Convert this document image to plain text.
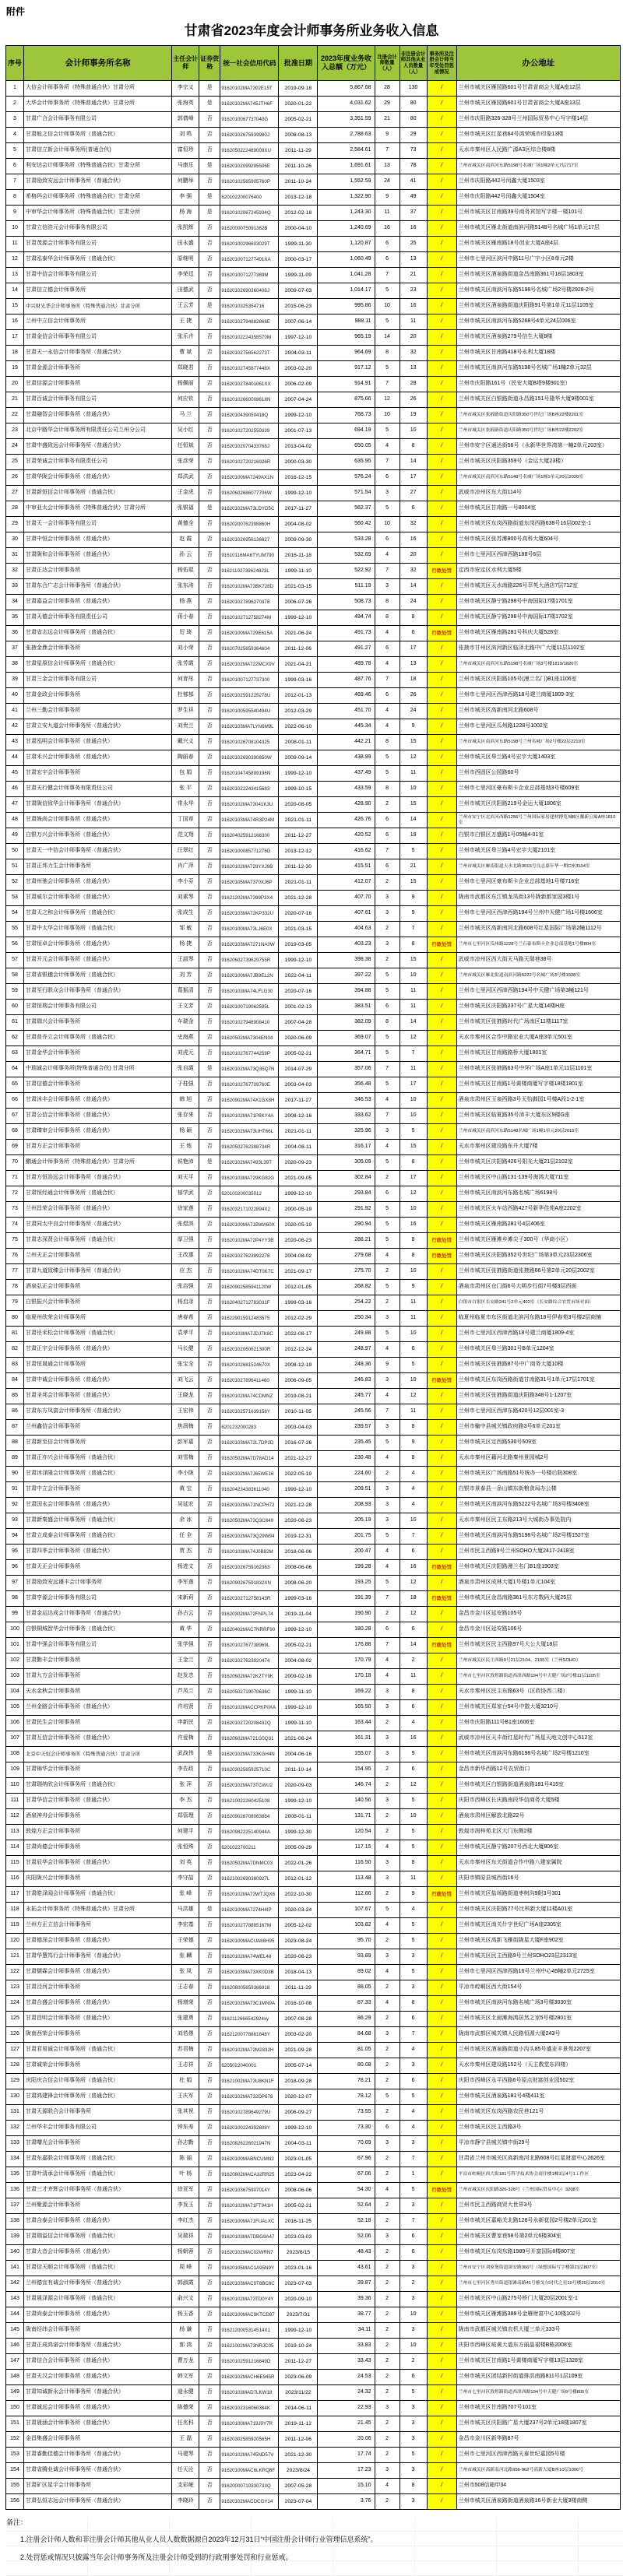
附件
甘肃省2023年度会计师事务所业务收入信息
序号	会计师事务所名称	主任会计师	证券资格	统一社会信用代码	批准日期	2023年度业务收入总额（万元）	注册会计师数量（人）	非注册会计师其他从业人员数量（人）	事务所及注册会计师当年受处罚惩戒情况	办公地址
1	大信会计师事务所（特殊普通合伙）甘肃分所	李宗义	是	91620102MA7302E15T	2019-09-18	5,867.68	28	130	/	兰州市城关区雁园路601号甘肃省商会大厦A座12层
2	大华会计师事务所（特殊普通合伙）甘肃分所	张海英	是	91620102MA745JTH6F	2020-01-22	4,031.62	29	80	/	兰州市城关区雁园路601号甘肃省商会大厦A座13层
3	甘肃广合会计师事务有限公司	郭倩峰	否	9162010067737040G	2005-02-21	3,351.59	21	80	/	兰州市庆阳路326-328号兰州国际贸易中心写字楼14层
4	甘肃能之信会计师事务所（普通合伙）	刘 鸣	否	91620102675939980J	2008-08-13	2,788.63	9	29	/	兰州市城关区红星巷64号鸿荣城市印象13楼
5	甘肃信立新会计师事务所(普通合伙)	富恒珍	否	9162050222489009XU	2011-11-29	2,584.61	7	73	/	天水市秦州区人民路广源A3区综合楼8楼
6	利安达会计师事务所（特殊普通合伙）甘肃分所	马康乐	是	91620102099295506E	2011-10-26	1,691.61	13	78	/	兰州市城关区南滨河东路5198号名城广场1幢2单元7层717室
7	甘肃励致安远会计师事务所（普通合伙）	何鹏举	否	91620102585905760P	2011-10-24	1,552.59	24	41	/	兰州市庆阳路442号闵鑫大厦1503室
8	希格玛会计师事务所（特殊普通合伙）甘肃分所	李 强	是	620102200076400	2013-12-18	1,322.90	9	49	/	兰州市庆阳路442号闵鑫大厦1504室
9	中审华会计师事务所（特殊普通合伙）甘肃分所	杨 海	是	91620102067245934Q	2012-02-18	1,243.30	11	37	/	兰州市城关区甘南路39号商务宾馆写字楼一楼101号
10	甘肃立信浩元会计师事务有限公司	张凯辉	否	9162000075091362B	2000-04-10	1,240.69	16	16	/	兰州市城关区雁北街道南滨河路5148号名城广场1单元17层
11	甘肃茂源会计师事务有限公司	田永盛	否	91620100296603029T	1999-11-30	1,120.87	6	25	/	兰州市城关区雁南路18号创业大厦A座4层
12	甘肃泓泰华会计师事务所（普通合伙）	原继明	否	9162010071277491XA	2000-03-17	1,060.49	6	13	/	兰州市七里河区滨河中路11号广宇小区8单元2楼
13	甘肃中信会计师事务有限公司	李荣廷	否	9162010071277389M	1999-11-09	1,041.28	7	21	/	兰州市城关区酒泉路街道金昌南路361号18层1803室
14	甘肃信立德会计师事务所	田德武	否	91620102690360408J	2009-07-03	1,014.17	5	23	/	兰州市城关区南滨河东路5198号名城广场2号楼2928-2号
15	中兴财光华会计师事务所（特殊普通合伙）甘肃分所	王云芳	是	9162010325354716	2015-06-23	995.86	10	16	/	兰州市城关区酒泉路街道庆阳路91号第1单元11层1105室
16	兰州中立信会计师事务所	王 捷	否	91620102794882868E	2007-06-14	988.11	5	11	/	兰州市城关区南滨河东路5268号4单元24层006室
17	甘肃金信会计师事务有限公司	张乐卉	否	91620102224358570M	1997-12-10	965.19	14	20	/	兰州市城关区酒泉路279号信生大厦8楼
18	甘肃天一永信会计师事务所（普通合伙）	曹 斌	否	91620102756562273T	2004-03-11	964.69	8	32	/	兰州市城关区甘南路418号永利大厦18楼
19	甘肃金源会计师事务所	郑晓君	否	91620102745877448X	2003-02-20	917.12	5	13	/	兰州市城关区南滨河东路5198号名城广场1幢2单元32层
20	甘肃信源会计师事务所	杨佩丽	否	9162010278401061XX	2006-02-09	914.91	7	28	/	兰州市庆阳路161号（民安大厦B塔9楼901室）
21	甘肃百诚会计师事务有限公司	何应钦	否	91620102660008618N	2007-04-24	875.66	12	26	/	兰州市城关区白银路街道永昌路151号隆华大厦9楼001室
22	甘肃融智会计师事务所（普通合伙）	马 兰	否	9162010439050418Q	1999-12-10	768.73	10	19	/	兰州市城关区张掖路街道庆阳路350号世纪广场B座22楼2201室
23	北京中路华会计师事务所有限责任公司兰州分公司	吴小红	否	916201027202559339	2001-07-13	694.19	5	10	/	兰州市城关区张掖路街道庆阳路350号世纪广场B座22楼2202室
24	甘肃中盛致远会计师事务所（普通合伙）	任恒斌	否	91620102070433768J	2013-04-02	650.05	4	8	/	兰州市安宁区通达街56号（永新华世界湾第一幢2单元203室）
25	甘肃荣诚会计师事务有限责任公司	张彦荣	否	91620102720216926R	2000-03-30	635.95	7	14	/	兰州市城关区庆阳路359号（金运大厦23楼）
26	甘肃华陇会计师事务所（普通合伙）	郑洪武	否	91620100MA7249AX1N	2016-12-15	576.24	6	17	/	兰州市城关区南滨河东路5148号名城广场1幢1单元20层2020室
27	甘肃新恒信会计师事务所（普通合伙）	王金虎	否	91620602686077706W	1999-12-10	571.54	3	27	/	武威市凉州区东大街114号
28	中审亚太会计师事务所（特殊普通合伙）甘肃分所	张银福	是	91620102MA73LDYD5C	2017-11-27	562.37	5	6	/	兰州市城关区甘南路一号8004室
29	甘肃天一会计师事务有限公司	黄德全	否	91620200762398860H	2004-08-02	560.42	10	32	/	兰州市城关区东岗西路街道东岗西路638号16层002室-1
30	甘肃中恒会计师事务所（普通合伙）	赵 霞	否	916201026956136627	2009-09-30	533.28	6	16	/	兰州市城关区张苏滩800号高科大厦604号
31	甘肃陇和会计师事务所（普通合伙）	孙 云	否	91610116MA6TYUM790	2016-11-18	532.69	4	20	/	兰州市七里河区西津西路188号6层
32	甘肃正达会计师事务所	杨佑琨	否	91621102739624823L	1999-11-10	522.92	7	32	行政处罚	定西市安定区水利大厦5楼
33	甘肃东合广志会计师事务所（普通合伙）	张东涛	否	91620102MA73BK728D	2021-03-15	511.19	3	14	/	兰州市城关区天水南路226号萃英大酒店7层712室
34	甘肃嘉益会计师事务所（普通合伙）	杨 燕	否	916201027896270378	2006-07-26	508.73	8	24	/	兰州市城关区静宁路298号中海国际17楼1701室
35	甘肃天德会计师事务有限责任公司	蒋小春	否	91620102712758274M	1999-12-10	494.74	8	8	/	兰州市城关区静宁路298号中海国际17楼1702室
36	甘肃省志远会计师事务所（普通合伙）	厉 琦	否	91620100MA729E615A	2021-06-24	491.73	4	6	行政处罚	兰州市城关区雁南路281号科庆大厦528室
37	张掖金鼎会计师事务所	刘小荣	否	916207025859364604	2011-12-06	491.27	6	17	/	张掖市甘州区滨河新区临泽北路中广大厦11层1102室
38	甘肃星原信会计师事务所（普通合伙）	张芳霞	否	91620102MA722MCX9V	2021-04-21	489.78	4	13	/	兰州市城关区南滨河东路5198号名城广场3号楼1819/1820室
39	甘肃三金会计师事务有限公司	何育彤	否	916201007127737300	1999-03-16	487.76	7	18	/	兰州市城关区庆阳路105号(漫兰名门)B1座1106室
40	甘肃金政会计师事务所	杜郁郁	否	91620102591225278U	2012-01-13	469.46	6	26	/	兰州市七里河区西津西路18号建兰商厦1809-3室
41	兰州三勤会计师事务所	罗生祥	否	91620100595540494U	2012-03-29	451.70	4	24	/	兰州市城关区高新南河北路608号
42	甘肃立安九道会计师事务所（普通合伙）	刘贵兰	否	91620103MA7LYN6M9L	2022-06-10	445.34	4	9	/	兰州市七里河区瓜州路1228号1002室
43	甘肃泓明会计师事务所（普通合伙）	戴兴义	否	916201026708104325	2008-01-11	442.21	8	15	/	兰州市城关区南滨河东路5198号兰州名城广场2号楼22层2219室
44	甘肃禾兴会计师事务所（普通合伙）	陶丽春	否	91620102690390850W	2009-09-14	438.99	5	12	/	兰州市城关区皋兰路4号宏宇大厦1403室
45	甘肃宏宇会计师事务所	包 娟	否	91620104745899196N	1999-12-10	437.49	5	11	/	兰州市西固区公园路60号
46	甘肃天行健会计师事务有限责任公司	张 平	否	916201022243415683	1999-10-15	433.59	8	10	/	兰州市七里河区豪布斯卡企业总部基地3号楼609室
47	甘肃陇信致华会计师事务所（普通合伙）	常永华	否	91620102MA73041K3U	2020-08-05	428.90	2	15	/	兰州市城关区庆阳路219号金运大厦1806室
48	甘肃姝尚会计师事务所（普通合伙）	丁国章	否	91620103MA74R3P24M	2021-01-11	426.76	6	14	/	兰州市安宁区北滨河西路1256号兰州国际家居建材博览城B区馨新公寓A座1810室
49	白银万兴会计师事务所（普通合伙）	范文翔	否	916204025912168300	2011-12-27	420.52	6	19	/	白银市白银区万盛路1号05幢4-01室
50	甘肃天一中信会计师事务所（普通合伙）	汪翠红	否	91620100085771276D	2013-12-12	416.62	7	5	/	兰州市城关区皋兰路4号宏宇大厦2101室
51	甘肃正邦力生会计师事务所	肖广萍	否	91620102MA729YXJ9B	2011-12-30	415.51	6	21	/	兰州市城关区雁南街道天水北路3015号良志嘉年华一期C座3104室
52	甘肃州驰会计师事务所（普通合伙）	李小芬	否	91620105MA7370XJ6P	2021-01-11	412.07	2	15	/	兰州市七里河区豪布斯卡企业总部基地1号楼716室
53	甘肃威尔会计师事务所（普通合伙）	刘素琴	否	91621202MA7399P3X4	2021-12-28	407.70	3	9	/	陇南市武都区东江镇龙凤街13号陇新都家园3楼1号
54	甘肃天之和会计师事务所（普通合伙）	张成生	否	91620103MA72KP332U	2020-07-16	407.61	3	9	/	兰州市七里河区西津西路194号兰州中天健广场1号楼1606室
55	甘肃中太华会计师事务所（普通合伙）	邹 敏	否	91620100MA73LJ6E03	2021-03-15	404.63	2	7	/	兰州市城关区高新南河北路608号红星国际广场第2幢1112号
56	甘肃恒卓会计师事务所（普通合伙）	杨 捷	否	91620103MA7271NA0W	2019-03-05	403.23	3	8	行政处罚	兰州市七里河区瓜州路1228号兰石豪布斯卡企业总部基地1号楼804室
57	甘肃开元会计师事务所（普通合伙）	王淑琴	否	91620602739629755R	1999-12-10	398.38	2	15	/	武威市凉州区西大街天马路天瑞巷38号
58	甘肃省银穗会计师事务所（普通合伙）	刘 芳	否	91620100MA7JB9EL2N	2022-04-11	397.22	5	10	/	兰州市城关区雁北街道南滨河路5222号名城广场3号楼1928室
59	甘肃至行联众会计师事务所（普通合伙）	葛振清	否	91620103MA74LFLG30	2020-07-16	394.88	5	11	/	兰州市七里河区西津西路194号中天健广场第3幢121号
60	甘肃恒瑞会计师事务有限公司	王文芳	否	91620100719062595L	2001-02-13	383.51	6	11	/	兰州市城关区庆阳路237号广星大厦14楼H座
61	甘肃瑞兴会计师事务所	车瑞金	否	916201027948908410	2007-04-28	382.09	8	14	/	兰州市城关区张掖路时代广场南区11楼1117室
62	甘肃普乔立会计师事务所（普通合伙）	史海燕	否	91620502MA7304EN04	2020-06-09	369.07	5	12	/	天水市秦州区合作中路宏业大厦A座3单元501室
63	甘肃金华会计师事务所	刘虎元	否	91620102767744259P	2005-02-21	364.71	5	7	/	兰州市城关区甘南路路桥大厦1801室
64	中瑞诚会计师事务所(特殊普通合伙) 甘肃分所	张自霞	是	91620102MA73Q35Q7N	2014-07-29	357.06	7	11	/	兰州市城关区张掖路63号中环广场A座1单元11层1101室
65	甘肃信德会计师事务所	于桂强	否	91620102767709760E	2003-04-03	356.48	5	17	/	兰州市城关区甘南路1号黄楼商厦写字楼18楼1801室
66	甘肃沐丰会计师事务所（普通合伙）	韩 旭	否	91620902MA74X1GX8H	2017-11-27	346.53	4	10	/	酒泉市肃州区玉泉西路3号天怡御园1号楼A段1-2-1室
67	甘肃公信会计师事务所（普通合伙）	张存来	否	91620102MA71P8KY4A	2008-12-16	333.62	7	10	/	兰州市城关区临夏路35号沛丰大厦东区9楼G座
68	甘肃臻审会计师事务所（普通合伙）	杨 颖	否	91620102MA73UHT66L	2021-01-11	325.96	3	5	/	兰州市城关区南滨河东路5148名城广场1幢1单元20层2015室
69	甘肃方正会计师事务所	王 炼	否	91620502762388734R	2004-08-11	316.17	4	15	/	天水市秦州区建设路东升大厦7楼
70	鹏通会计师事务所（特殊普通合伙）甘肃分所	侯艳沛	是	91620102MA7493L39T	2020-09-23	305.09	5	8	/	兰州市城关区庆阳路426号阳光大厦21层2102室
71	甘肃方恒浩远会计师事务所（普通合伙）	刘天平	否	91620103MA729KG82G	2021-09-05	302.84	2	17	/	兰州市城关区中山路131-139号海鸿大厦711室
72	甘肃恒经通会计师事务所（普通合伙）	郁学武	否	620100200035012	1999-12-10	293.84	6	12	/	兰州市城关区南滨河东路名城广场6198号
73	兰州昌荣会计师事务所（普通合伙）	徐家莲	否	9162032171022894X2	2000-05-19	291.92	5	10	/	兰州市城关区火车站西路427号新华佳苑A座2202室
74	甘肃同太中良会计师事务所（普通合伙）	张煜淇	否	91620100MA71BWA60X	2020-05-19	290.94	5	16	/	兰州市城关区雁南路281号4层406室
75	甘肃志深贤会计师事务所（普通合伙）	厚卫强	否	91620102MA72P4YY3B	2020-06-23	288.21	5	8	行政处罚	兰州市城关区雁滩乡滩尖子300号（华商小区）
76	兰州天正会计师事务所	王改惠	否	916201027623892278	2004-08-02	279.68	4	8	行政处罚	兰州市城关区庆阳路352号世纪广场第3单元23层2306室
77	甘肃九道致臻会计师事务所（普通合伙）	应 杰	否	91620102MA74DT0K7C	2021-09-17	275.70	2	10	/	兰州市城关区张掖路街道张掖路66号第2单元20层2002室
78	酒泉弘正会计师事务所	张治强	否	91620902585941120W	2012-01-05	268.82	5	9	/	酒泉市肃州区仓门街6号大明步行街7号楼3层西面
79	白银振兴会计师事务所	杨启录	否	91620402712783031F	1999-03-16	254.22	2	11	/	白银市白银区长安路241号2单元402室（长安路综合农贸市场对面）
80	临夏州欣荣会计师事务所	唐春希	否	916229015912483575	2012-02-29	250.34	3	11	/	临夏州临夏市东区街道北滨河东路18号伊春苑3号楼2层商铺
81	甘肃岳禾松会计师事务所（普通合伙）	袁孝平	否	91620103MA7JDJ7K8C	2022-08-17	249.88	5	10	/	兰州市七里河区西津西路18号建兰商厦1809-4室
82	甘肃正宇会计师事务所（普通合伙）	马长健	否	91620102060621300R	2012-12-24	248.97	4	6	/	兰州市城关区皋兰路301号B单元1204室
83	甘肃恒晟通会计师事务所	张宝全	否	91620102681524670X	2008-12-19	248.36	9	5	/	兰州市城关区张掖路87号中广商务大厦10楼
84	甘肃中诚会计师事务所（普通合伙）	刘飞云	否	916201027896411460	2006-09-05	246.83	3	10	行政处罚	兰州市城关区东岗西路街道甘南路31号1单元17层1701室
85	甘肃圣邦会计师事务所（普通合伙）	王晓龙	否	91620102MA74CDMNZ	2019-08-21	245.77	4	12	/	兰州市城关区张掖路街道庆阳路348号1-1207室
86	甘肃东方凤富会计师事务所（普通合伙）	王宏伟	否	91620102571639158Y	2010-11-05	245.56	7	11	/	兰州市七里河区西津东路420号12层001室-3
87	兰州鑫信会计师事务所	焦润梅	否	6201232000283	2003-04-03	239.57	3	8	/	兰州市榆中县城关镇政府路3号6单元201室
88	甘肃新至信会计师事务所	彭军嘉	否	91620103MA72L7DP2D	2016-07-26	235.45	5	9	/	兰州市城关区定西路530号509室
89	甘肃正亦兴会计师事务所（普通合伙）	刘雪梅	否	91620502MA7D78AD14	2021-12-27	230.48	4	8	/	天水市秦州区藉河北路秦州景园城2号
90	甘肃沐泽隆会计师事务所（普通合伙）	李小陇	否	91620102MA7J65WE16	2022-05-19	224.60	2	4	/	兰州市城关区广场南路51号统办一号楼后院308室
91	甘肃中立会计师事务所	黄 宝	否	916204234383611040	1999-12-10	209.51	3	4	/	白银市景泰县一条山镇东街粮食局办公楼
92	甘肃国永会计师事务所（普通合伙）	吴延宏	否	91620102MA71NCPH72	2021-12-28	208.93	3	4	/	兰州市城关区南滨河东路5222号名城广场3号楼3408室
93	甘肃新秦盛会计师事务所（普通合伙）	余 冰	否	91620502MA73Q3C849	2020-06-23	205.19	3	10	/	天水市秦州区民主东路213号大城街办事处院内
94	甘肃立成泰会计师事务所（普通合伙）	任 全	否	91620102MA73Q29W94	2019-12-31	201.75	5	7	/	兰州市城关区南滨河东路5198号名城广场2号楼1527室
95	甘肃四季会计师事务所（普通合伙）	贾 杰	否	91620103MA74J0B82M	2018-06-06	200.47	4	6	/	兰州市民主西路9号兰州SOHO大厦2417-2418室
96	甘肃天正会计师事务所	杨进文	否	916201026759162363	2008-06-06	199.28	4	16	行政处罚	兰州市城关区庆阳路漫兰名门B1座1903室
97	甘肃励致安远谨丰会计师事务所	李军莲	否	9162090267591832XN	2008-06-20	193.25	5	12	/	酒泉市肃州区成林大厦1号楼1单元104室
98	甘肃亨源会计师事务有限公司	宋新莉	否	91620102712758143R	1999-03-16	191.39	7	18	行政处罚	兰州市城关区金昌南路361号东方数码大厦25层
99	甘肃金运达成会计师事务所（普通合伙）	孙占云	否	91620302MA72FNPL74	2019-11-04	190.90	2	12	/	金昌市金川区延安路105号
100	白银铜城智华会计师事务（普通合伙）	黄 华	否	91620402MAC7NRRF90	1999-12-10	180.28	6	6	/	金昌市金川区延安路106号
101	甘肃中强会计师事务有限公司	张学强	否	91620102767738969L	2005-02-21	176.88	7	14	行政处罚	兰州市城关区民主西路97号大公大厦18层
102	甘肃勤丰会计师事务所	王金兰	否	916201027623920474	2004-08-02	170.79	4	2	/	兰州市城关区民主西路9号21层2104、2105室（兰州SOHO）
103	甘肃九方会计师事务所	赵发忠	否	91620602MA72K2TY9K	2009-02-16	170.18	4	11	/	兰州市七里河区敦煌路街道西津西路194号中天健广场2号楼11层1105室
104	天水金秋会计师事务所	芦凤兰	否	91620502719070636C	1999-11-10	169.22	3	8	/	天水市秦州区民主东路63号（区政协西二楼）
105	兰州金路会计师事务所（普通合伙）	许培贤	否	91620102MACCPKP0XA	1999-12-10	165.50	3	6	/	兰州市城关区郑家台54号中散大厦3210号
106	甘肃民生会计师事务所	申新民	否	91620102720208432Q	1999-11-10	163.44	2	4	/	兰州市庆阳路111号B1座1606室
107	甘肃互信会计师事务所（普通合伙）	许爱梅	否	91620602MA721G0Q31	2021-06-24	161.31	3	16	/	武威市凉州区天丰街红星时代广场星天地文创中心512室
108	北京中天恒会计师事务所（特殊普通合伙）甘肃分所	武战伟	是	91620102MA733KGH4N	2004-06-16	155.07	3	9	/	兰州市城关区南滨河东路6198号名城广场2号楼1210室
109	甘肃锦华会计师事务所	李佐政	否	91620302585925710C	2011-10-14	154.95	2	6	/	金昌市新华西路12号农贸街口
110	甘肃瑞纳欣会计师事务所（普通合伙）	张 萍	否	91620102MA73TCWU2	2020-09-03	146.74	2	12	/	兰州市城关区白银路街道酒泉路181号415室
111	甘肃华信会计师事务所（普通合伙）	李 杰	否	916210022260425108	1999-12-10	140.56	3	5	/	庆阳市西峰区长庆路南段华信商务大厦5楼
112	酒泉神舟会计师事务所	郑管理	否	916209026708063884	2008-01-11	131.71	2	10	/	酒泉市肃州区解放北路22号
113	敦煌方正会计师事务所	何建平	否	91620982225140944A	1999-12-30	120.54	2	5	/	敦煌市润梓苑北区大门东侧2楼
114	甘肃尚德会计师事务所	张恒殊	否	6201022700211	2005-09-29	117.15	4	5	/	兰州市城关区静宁路207号西北大厦806室
115	甘肃辰华会计师事务所（普通合伙）	刘 英	否	91620502MA7DNMC03	2022-01-26	116.50	3	8	/	天水市秦州区东关街道合作中路八建家属院
116	庆阳陇兴会计师事务所	李守喆	否	91621002690380927L	2012-01-12	113.48	3	11	/	庆阳市镇原县城西街16号
117	甘肃皓泽闻会计师事务所（普通合伙）	张 峰	否	91620102MA73WTJQX6	2022-10-30	112.66	2	9	行政处罚	兰州市城关区盐场路街道枣树沟9附3号301
118	永拓会计师事务所（特殊普通合伙）甘肃分所	马洪雄	是	91620100MA7274H4IP	2020-03-24	107.67	5	4	/	兰州市城关区庆阳路77号比科新大厦11楼A01室
119	兰州方正立信会计师事务所	李宏基	否	91620102778895167M	2005-12-02	103.82	4	5	/	兰州市城关区南关什字世纪广场A座2305室
120	甘肃德深会计师事务所（普通合伙）	于荣德	否	91620100MACUA88H95	2023-08-24	95.70	2	5	/	兰州市城关区高新飞雁街陇星大厦F座902室
121	甘肃华慧笃行会计师事务所（普通合伙）	张 麟	否	91620102MA74WEL48	2020-06-23	93.89	3	3	/	兰州市城关区民主西路9号兰州SOHO23层2313室
122	甘肃儒霖会计师事务所（普通合伙）	张 凤	否	91620103MA73XK0D3B	2018-04-13	89.02	4	5	/	兰州市七里河区西津西路16号兰州中心45幢2单元2725室
123	甘肃泾河会计师事务所	王志春	否	916208005859366918	2011-11-29	88.05	2	3	/	平凉市崆峒区西大街154号
124	甘肃合盛会计师事务所（普通合伙）	杨增荣	否	91620102MA73C1MN9A	2016-10-08	87.33	4	8	/	兰州市城关区南滨河东路名城广场3号楼3030室
125	甘肃昌明会计师事务所（普通合伙）	张建勇	否	9162112666542924xy	2007-08-28	86.29	2	6	/	兰州市城关区北面滩海鸿居然之家5号楼2801室
126	陇南西荣会计师事务所	刘若愚	否	91621200778861848Y	2003-02-20	84.68	3	7	/	陇南市武都区城关镇人民路恒源大厦243号
127	甘肃君易诚会计师事务所（普通合伙）	苏君梅	否	91620102MA72M2832H	2021-09-28	81.05	2	4	/	兰州市城关区酒泉路街道小沟头85号盛业丰景苑2207室
128	甘肃诚荣会计师事务所	王志祥	否	6205022040001	2005-07-14	80.08	2	3	/	天水市秦州区建设路152号（天主教堂东四楼）
129	庆阳庆合信会计师事务所（普通合伙）	杜 娟	否	91621002MA73U8KN1F	2018-09-28	78.21	2	6	/	庆阳市西峰区永平西路6号原点财富创业园502室
130	甘肃鸿建锋会计师事务所（普通合伙）	王庆军	否	91620102MA732DP678	2020-12-07	78.12	5	5	/	兰州市城关区酒泉路181号4楼411室
131	甘肃天源联合会计师事务所	张其祝	否	91620102789649279U	2006-09-27	73.55	2	4	/	兰州市城关区东岗西路农民巷121号
132	兰州华丰会计师事务有限公司	钟东寿	否	91620100224392808Y	1999-12-10	73.30	6	4	/	兰州市城关区民主西路3号
133	甘肃曙光会计师事务所	孙志勤	否	91620826226021947N	2004-03-11	70.69	3	3	/	平凉市静宁县城关镇中街29号
134	甘肃东嘉联会计师事务所（普通合伙）	陈 丽	否	91620100MABNCUMN3	2023-01-05	67.96	2	7	/	甘肃省兰州市城关区高新南河北路608号红星财富中心2626室
135	甘肃叶清承会计师事务所（普通合伙）	叶 杨	否	91620802MACA32RR25	2023-04-22	67.06	2	1	/	平凉市崆峒区西大街181号科学技术协会商住楼1幢1层4号1工作区
136	甘肃三才齐辉会计师事务所（普通合伙）	徐亚军	否	91620103675907014Y	2008-06-06	54.30	4	5	行政处罚	兰州市城关区庆阳路326-328号（兰州国际贸易中心）3208室
137	兰州聚源会计师事务所	李发玉	否	91620102MA71FT941H	2005-02-21	52.64	2	3	/	兰州市民主西路商贸大世界3号
138	甘肃合泰会计师事务所（普通合伙）	李红杰	否	91620100MA71FUALXC	2016-11-25	52.18	2	7	/	兰州市城关区嘉峪关北路128号永新花园2号楼2单元201室
139	甘肃瑞溢信会计师事务所（普通合伙）	吴瑞祥	否	91620103MA7DBG9A47	2023-03-03	52.06	3	6	/	兰州市城关区曹家巷58号第2单元6楼304室
140	甘肃大音会计师事务所（普通合伙）	杨朝蓉	否	91620102MAC02WRN7	2023/8/15	48.43	2	6	/	兰州市城关区东岗东路1989号开富国际8楼807室
141	甘肃信天顺会计师事务所（普通合伙）	周 峰	否	91620105MAC1A95N9Y	2023-01-16	43.61	2	3	/	兰州市安宁区刘家堡街道深安路360号（绿想国际写字楼第21层807室）
142	兰州德宜有诚会计师事务所（普通合伙）	郭淑霞	否	91620103MAC9T8BC6C	2023-07-03	39.87	2	2	/	兰州市七里河区秀川街道银滩南路41号雅戈尔时代之星10号楼20层2010室
143	甘肃晟泽源会计师事务所（普通合伙）	俞兴文	否	91620102MA73TD0Y4Y	2020-09-10	39.36	2	3	/	兰州市城关区中山路275号桥门大厦20层2001室-1
144	甘肃尚泰会计师事务所（普通合伙）	杨玉香	否	91620100MAC9KTCD87	2023/7/31	38.77	2	10	/	兰州市城关区雁滩路388号金雁财富中心10楼102号
145	陇南经纬会计师事务所	杨 谦	否	9162120005314514X1	1999-12-10	34.11	2	3	/	陇南市武都区城关镇农机大厦三单元333号
146	甘肃正成鸿诺会计师事务所（普通合伙）	郭 鸿	否	91621002MA73NRJC05	2019-10-24	33.83	2	10	/	庆阳市西峰区岐黄大道东方丽晶裙楼B栋2008室
147	甘肃信合会计师事务所（普通合伙）	曹万龙	否	91620102591216849D	2011-12-27	33.43	2	2	/	兰州市城关区甘南路1号黄楼商厦写字楼13层1328室
148	甘肃天汉会计师事务所（普通合伙）	韩文军	否	91620102MACH6E945R	2023-06-09	24.53	2	6	/	兰州市城关区团结新村街道排洪南路811号1层109室
149	甘肃知诚新永会计师事务所（普通合伙）	逯永健	否	91620103MAD7LKW18	2023/11/22	24.32	2	5	/	兰州市七里河区敦煌路街道西津西路194号中天健广场9号楼805室
150	甘肃诚远会计师事务所（普通合伙）	陈德荣	否	91620102316060384K	2014-06-11	22.93	3	3	/	兰州市城关区甘南路707号101室
151	甘肃晟涵会计师事务所（普通合伙）	任兆科	否	91620100MA719J9Y7R	2019-11-12	21.45	2	3	/	兰州市城关区庆阳路广星大厦237号2单元18楼1807室
152	金昌集盛会计师事务所	王 磊	否	91620302585920565H	2011-12-06	20.06	2	3	/	金昌市金川区新华路87号
153	甘肃睿勤佳德会计师事务所（普通合伙）	马建琴	否	91620102MA745ND57V	2021-12-30	17.74	2	5	/	兰州市七里河区西津西路天泰世纪嘉园5号楼
154	甘肃省腾业诚会计师事务所（普通合伙）	任天沦	否	91620100MAC6LKRQ8F	2023/8/24	17.23	3	3	/	兰州市城关区高新南河北路956-962号高新大厦B座10层1006号
155	甘肃矿区星宇会计师事务所	支彩岷	否	91620000710330733Q	2007-05-28	15.10	4	8	/	兰州市508信箱甲34
156	甘肃弘恒志远会计师事务所（普通合伙）	李晓玲	否	91620102MACDCGY14	2023-07-04	3.76	2	3	/	兰州市城关区酒泉路街道酒泉路16号新业大厦3楼南侧
备注：
1.注册会计师人数和非注册会计师其他从业人员人数数据源自2023年12月31日“中国注册会计师行业管理信息系统”。
2.处罚惩戒情况只披露当年会计师事务所及注册会计师受到的行政刑事处罚和行业惩戒。
